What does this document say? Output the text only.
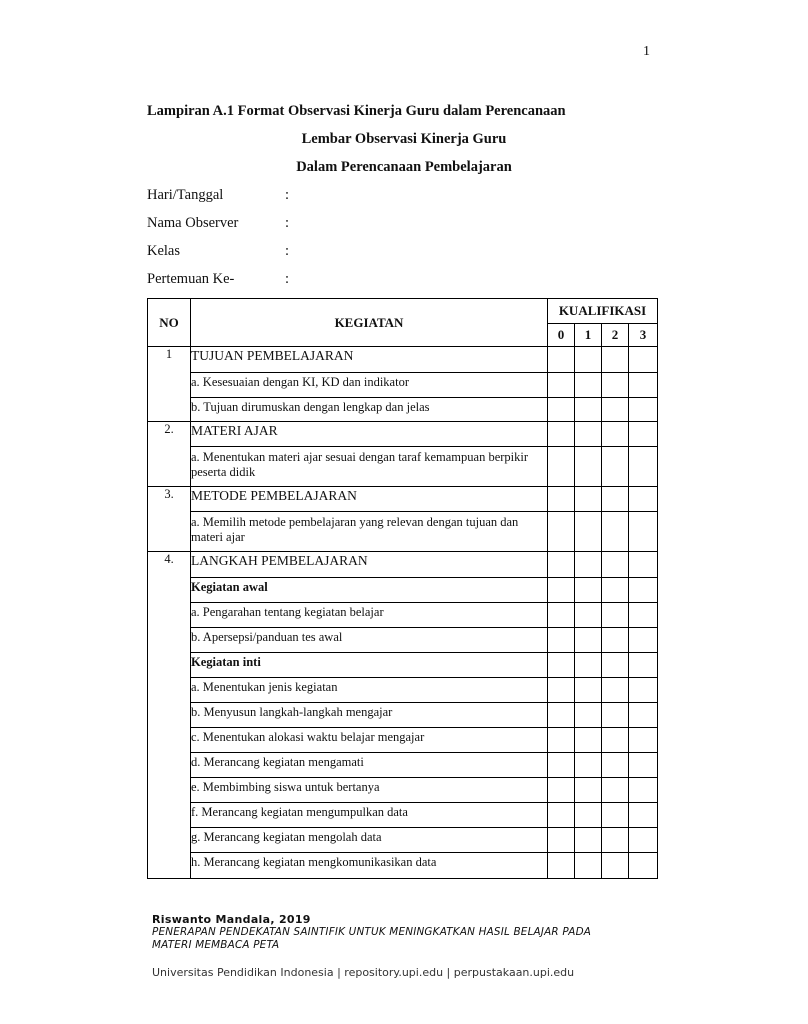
1
Lampiran A.1 Format Observasi Kinerja Guru dalam Perencanaan
Lembar Observasi Kinerja Guru
Dalam Perencanaan Pembelajaran
Hari/Tanggal	:
Nama Observer	:
Kelas	:
Pertemuan Ke-	:
NO	KEGIATAN	KUALIFIKASI			
		0	1	2	3
1	TUJUAN PEMBELAJARAN				
	a. Kesesuaian dengan KI, KD dan indikator				
	b. Tujuan dirumuskan dengan lengkap dan jelas				
2.	MATERI AJAR				
	a. Menentukan materi ajar sesuai dengan taraf kemampuan berpikir peserta didik				
3.	METODE PEMBELAJARAN				
	a. Memilih metode pembelajaran yang relevan dengan tujuan dan materi ajar				
4.	LANGKAH PEMBELAJARAN				
	Kegiatan awal				
	a. Pengarahan tentang kegiatan belajar				
	b. Apersepsi/panduan tes awal				
	Kegiatan inti				
	a. Menentukan jenis kegiatan				
	b. Menyusun langkah-langkah mengajar				
	c. Menentukan alokasi waktu belajar mengajar				
	d. Merancang kegiatan mengamati				
	e. Membimbing siswa untuk bertanya				
	f. Merancang kegiatan mengumpulkan data				
	g. Merancang kegiatan mengolah data				
	h. Merancang kegiatan mengkomunikasikan data				
Riswanto Mandala, 2019
PENERAPAN PENDEKATAN SAINTIFIK UNTUK MENINGKATKAN HASIL BELAJAR PADA MATERI MEMBACA PETA
